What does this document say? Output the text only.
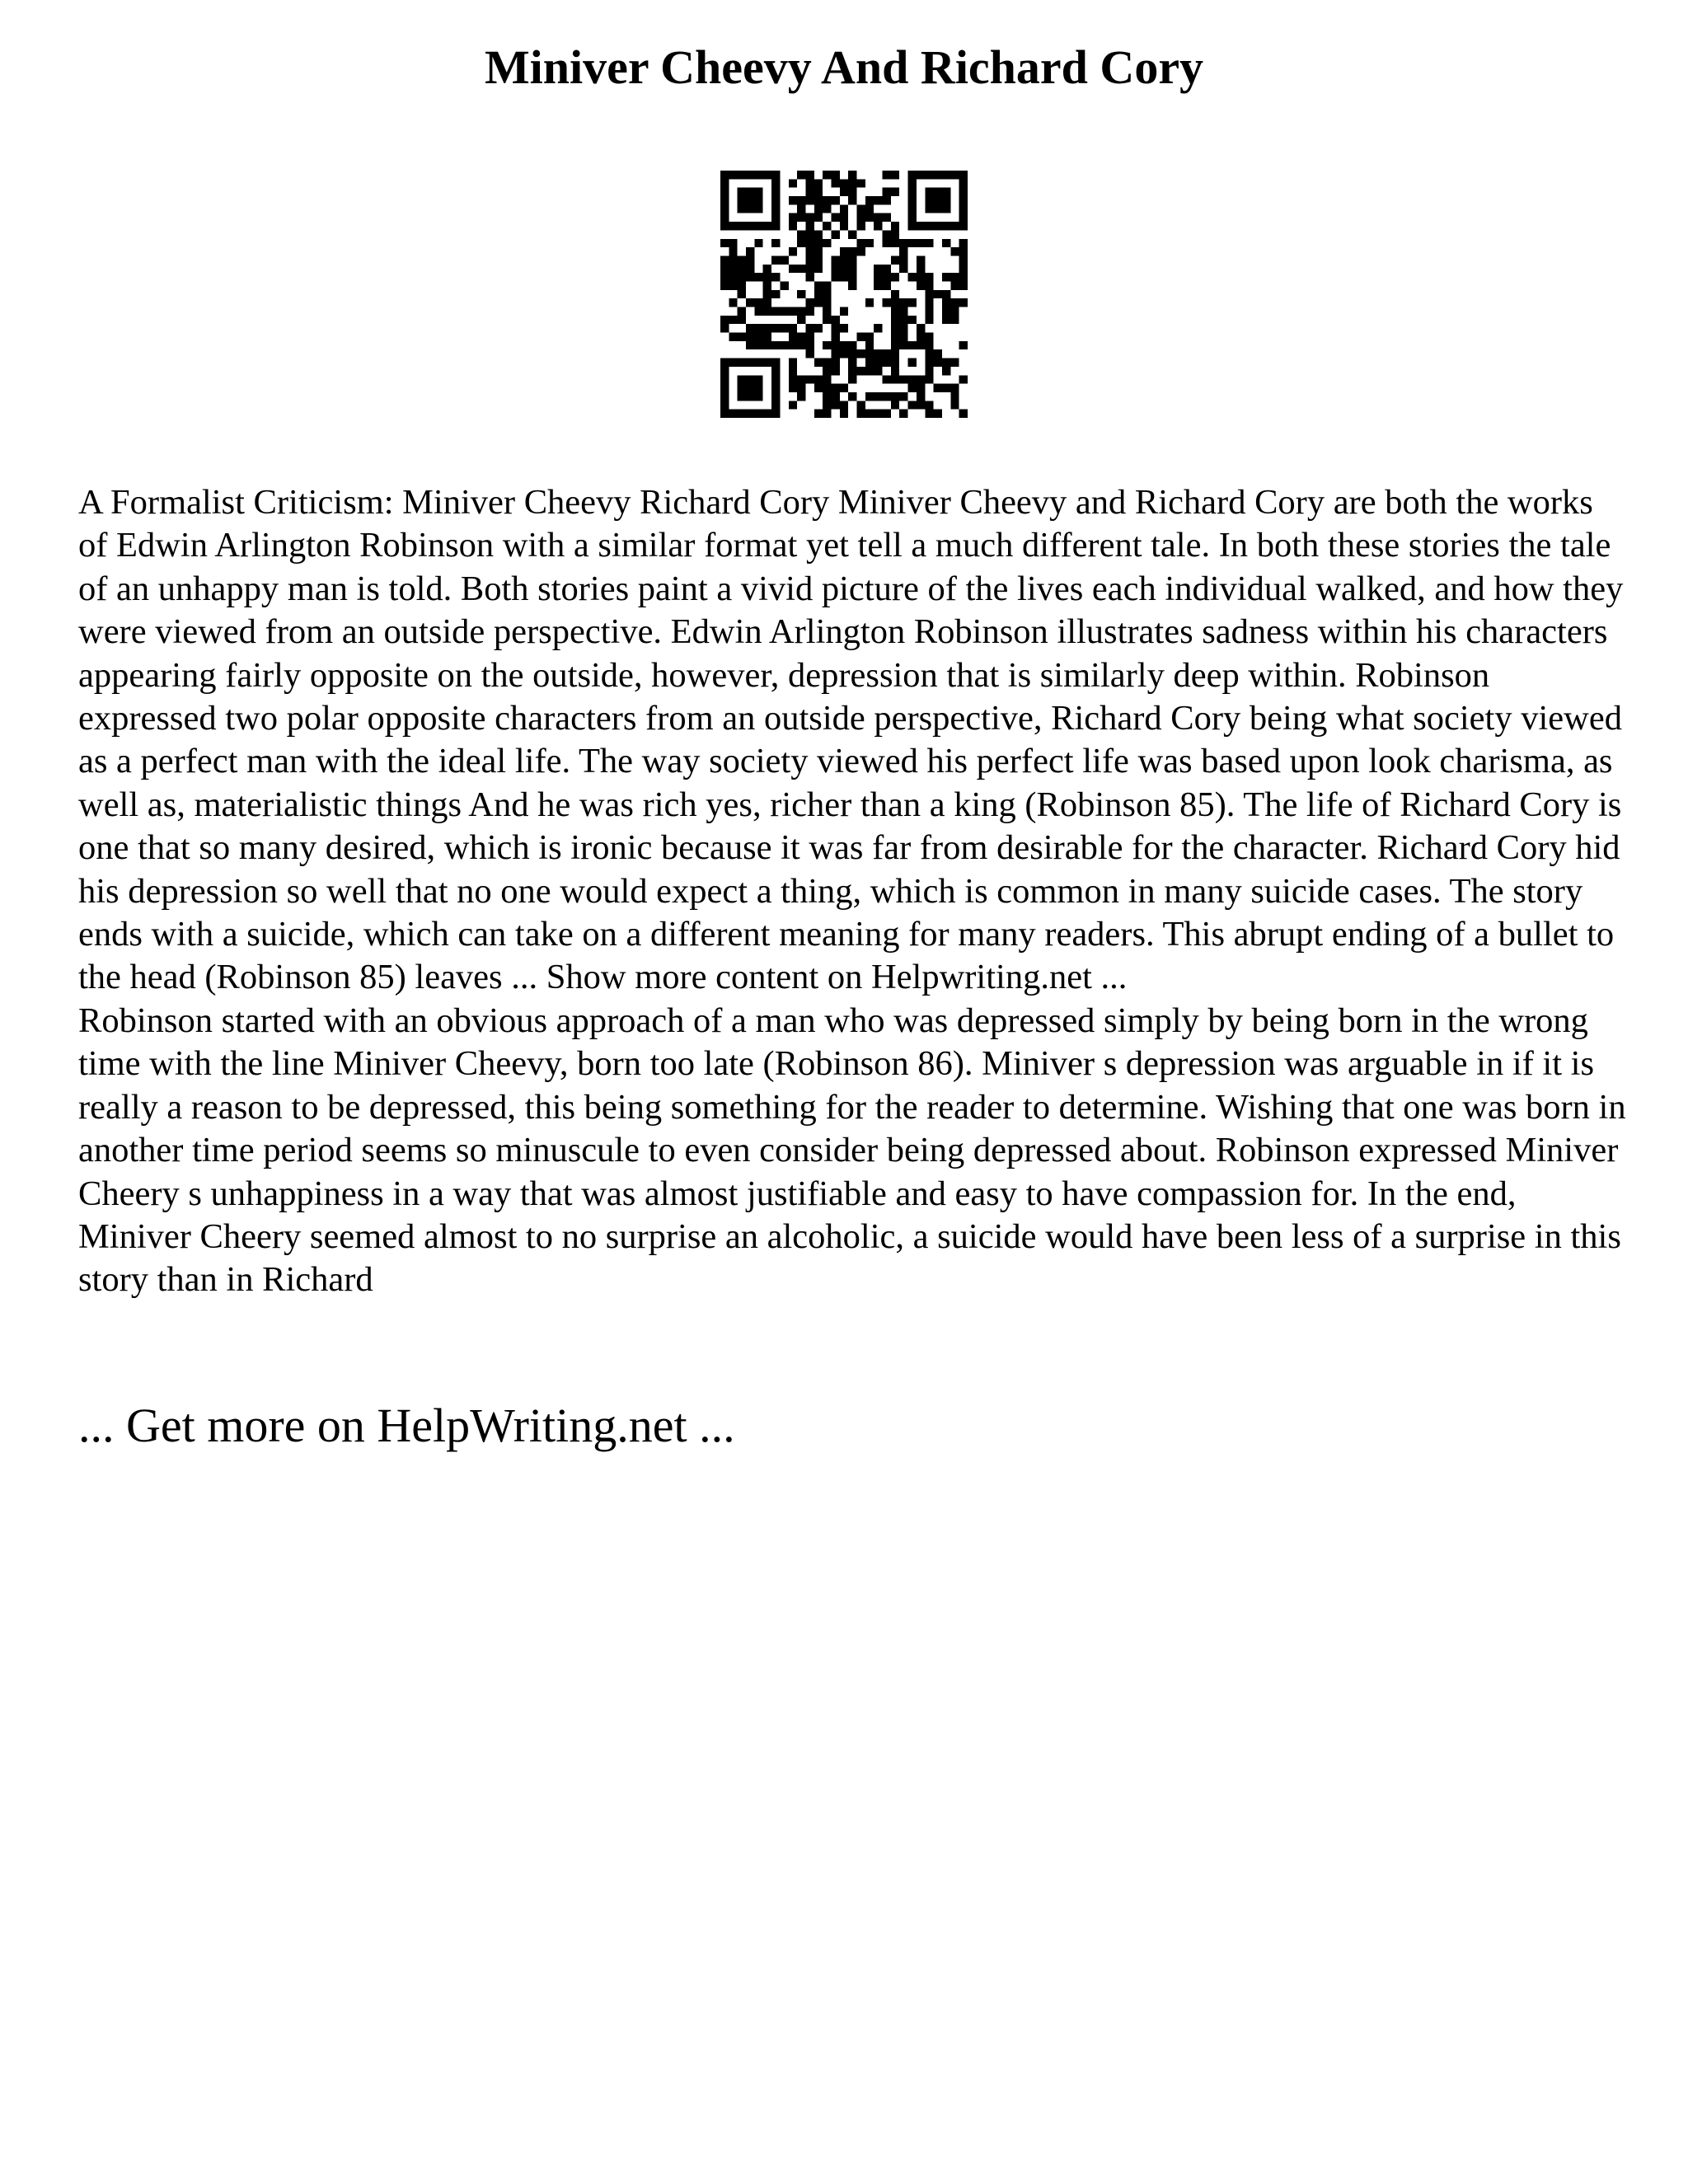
Miniver Cheevy And Richard Cory

A Formalist Criticism: Miniver Cheevy Richard Cory Miniver Cheevy and Richard Cory are both the works of Edwin Arlington Robinson with a similar format yet tell a much different tale. In both these stories the tale of an unhappy man is told. Both stories paint a vivid picture of the lives each individual walked, and how they were viewed from an outside perspective. Edwin Arlington Robinson illustrates sadness within his characters appearing fairly opposite on the outside, however, depression that is similarly deep within. Robinson expressed two polar opposite characters from an outside perspective, Richard Cory being what society viewed as a perfect man with the ideal life. The way society viewed his perfect life was based upon look charisma, as well as, materialistic things And he was rich yes, richer than a king (Robinson 85). The life of Richard Cory is one that so many desired, which is ironic because it was far from desirable for the character. Richard Cory hid his depression so well that no one would expect a thing, which is common in many suicide cases. The story ends with a suicide, which can take on a different meaning for many readers. This abrupt ending of a bullet to the head (Robinson 85) leaves ... Show more content on Helpwriting.net ...

Robinson started with an obvious approach of a man who was depressed simply by being born in the wrong time with the line Miniver Cheevy, born too late (Robinson 86). Miniver s depression was arguable in if it is really a reason to be depressed, this being something for the reader to determine. Wishing that one was born in another time period seems so minuscule to even consider being depressed about. Robinson expressed Miniver Cheery s unhappiness in a way that was almost justifiable and easy to have compassion for. In the end, Miniver Cheery seemed almost to no surprise an alcoholic, a suicide would have been less of a surprise in this story than in Richard

... Get more on HelpWriting.net ...
